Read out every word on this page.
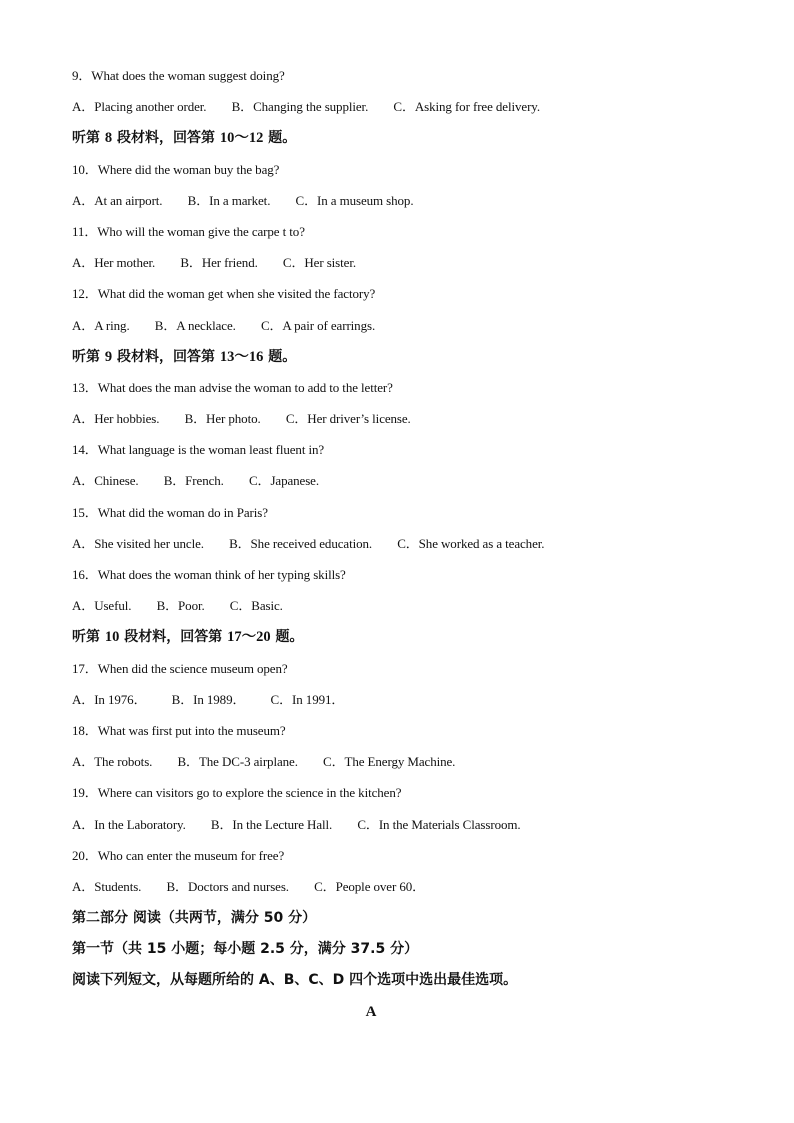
9．What does the woman suggest doing?
A．Placing another order. B．Changing the supplier. C．Asking for free delivery.
听第 8 段材料，回答第 10～12 题。
10．Where did the woman buy the bag?
A．At an airport. B．In a market. C．In a museum shop.
11．Who will the woman give the carpe t to?
A．Her mother. B．Her friend. C．Her sister.
12．What did the woman get when she visited the factory?
A．A ring. B．A necklace. C．A pair of earrings.
听第 9 段材料，回答第 13～16 题。
13．What does the man advise the woman to add to the letter?
A．Her hobbies. B．Her photo. C．Her driver’s license.
14．What language is the woman least fluent in?
A．Chinese. B．French. C．Japanese.
15．What did the woman do in Paris?
A．She visited her uncle. B．She received education. C．She worked as a teacher.
16．What does the woman think of her typing skills?
A．Useful. B．Poor. C．Basic.
听第 10 段材料，回答第 17～20 题。
17．When did the science museum open?
A．In 1976． B．In 1989． C．In 1991．
18．What was first put into the museum?
A．The robots. B．The DC-3 airplane. C．The Energy Machine.
19．Where can visitors go to explore the science in the kitchen?
A．In the Laboratory. B．In the Lecture Hall. C．In the Materials Classroom.
20．Who can enter the museum for free?
A．Students. B．Doctors and nurses. C．People over 60．
第二部分 阅读（共两节，满分 50 分）
第一节（共 15 小题；每小题 2.5 分，满分 37.5 分）
阅读下列短文，从每题所给的 A、B、C、D 四个选项中选出最佳选项。
A
